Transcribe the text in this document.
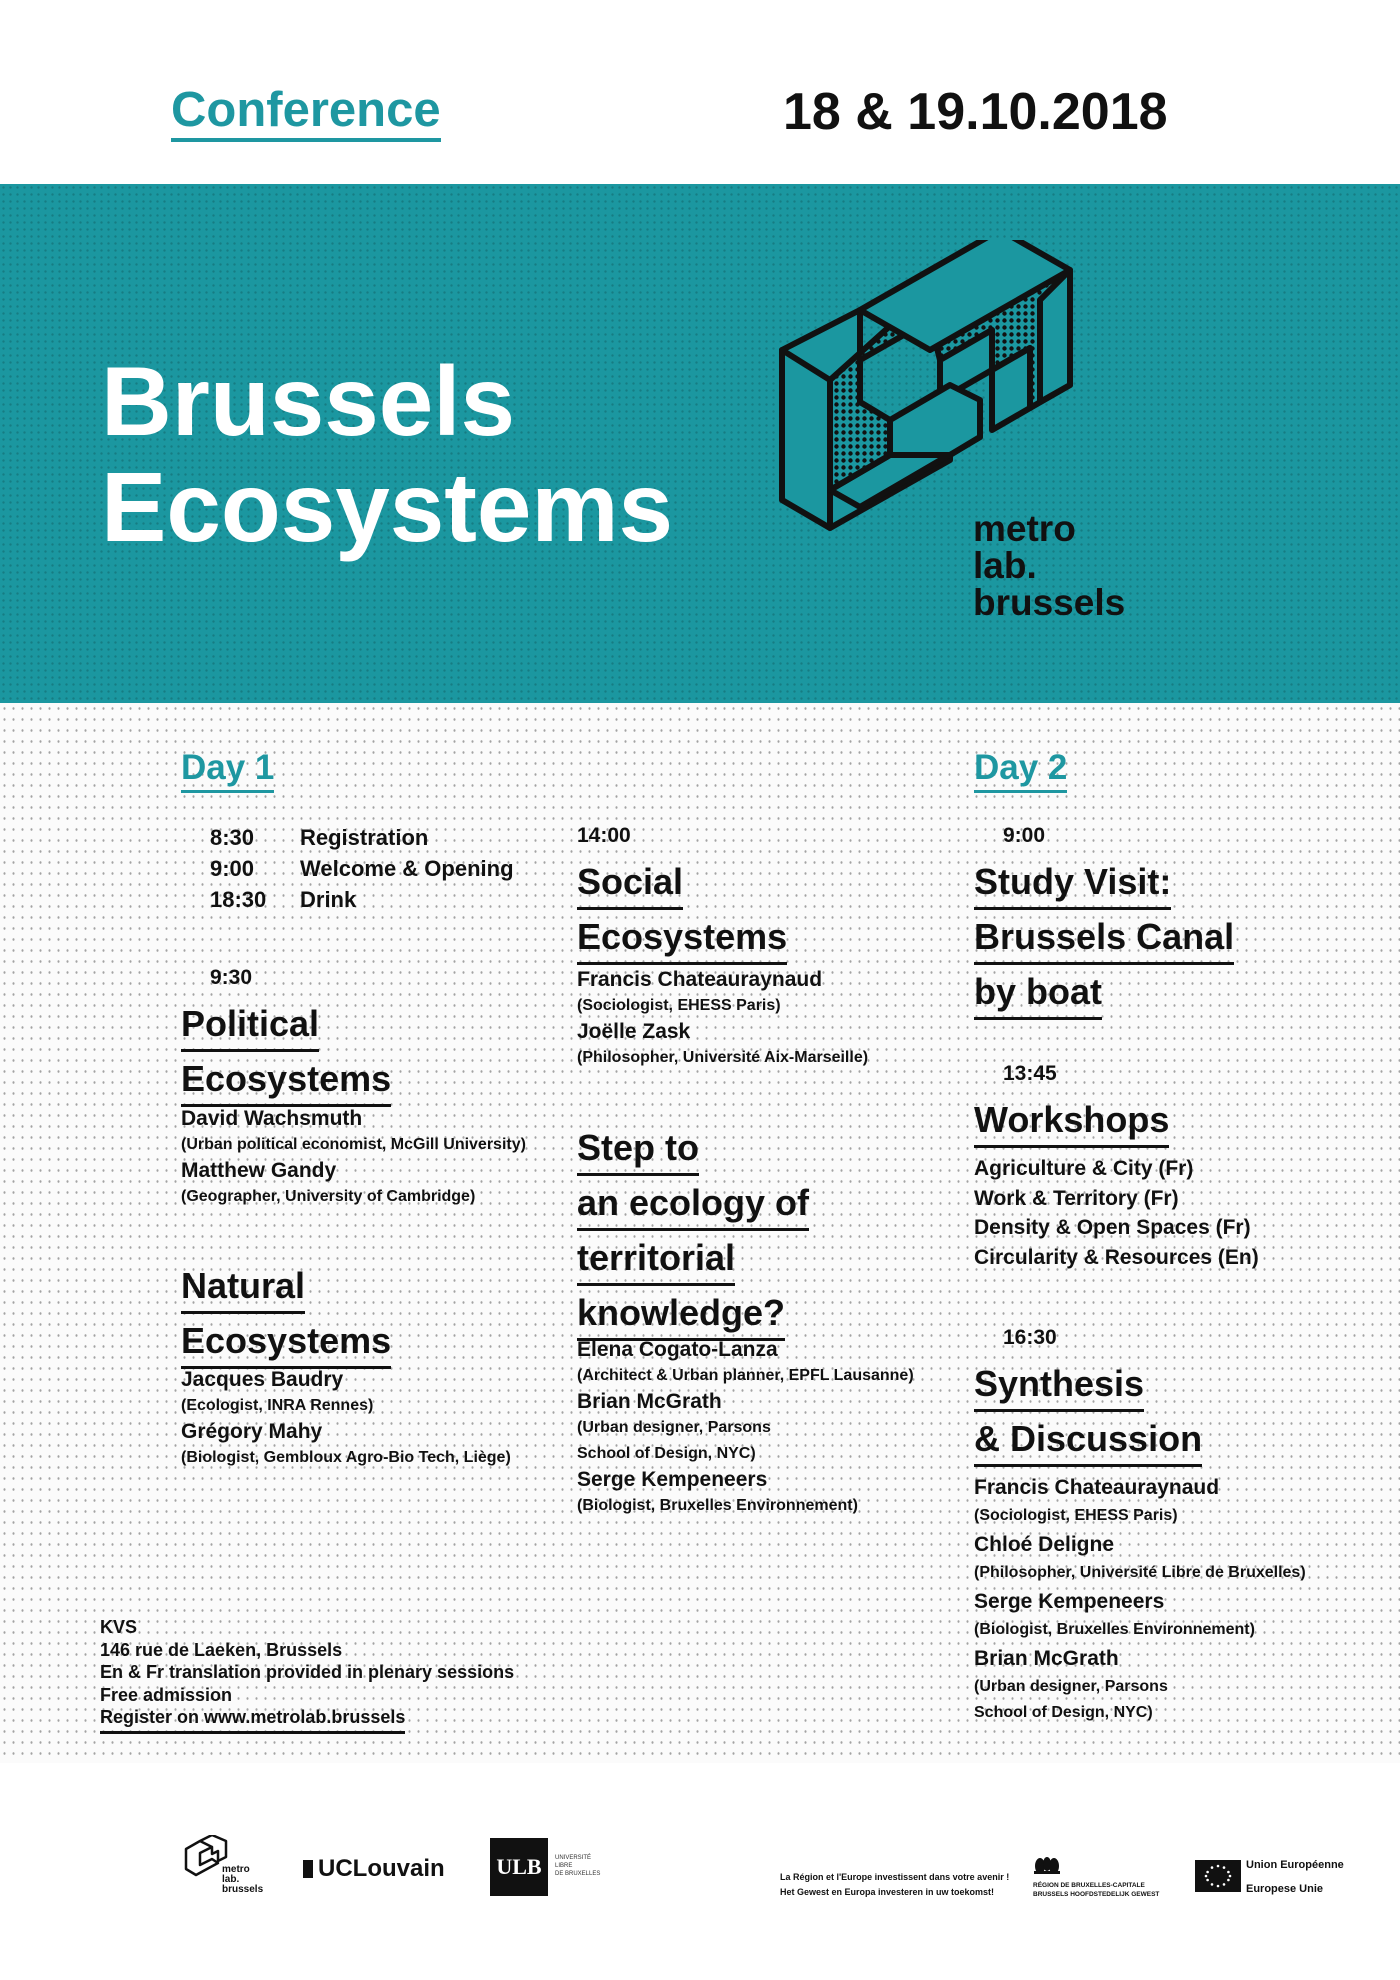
Conference	18 & 19.10.2018
Brussels
Ecosystems	metro
lab.
brussels
Day 1
8:30	Registration
9:00	Welcome & Opening
18:30	Drink
9:30
Political
Ecosystems
David Wachsmuth
(Urban political economist, McGill University)
Matthew Gandy
(Geographer, University of Cambridge)
Natural
Ecosystems
Jacques Baudry
(Ecologist, INRA Rennes)
Grégory Mahy
(Biologist, Gembloux Agro-Bio Tech, Liège)
14:00
Social
Ecosystems
Francis Chateauraynaud
(Sociologist, EHESS Paris)
Joëlle Zask
(Philosopher, Université Aix-Marseille)
Step to
an ecology of
territorial
knowledge?
Elena Cogato-Lanza
(Architect & Urban planner, EPFL Lausanne)
Brian McGrath
(Urban designer, Parsons
School of Design, NYC)
Serge Kempeneers
(Biologist, Bruxelles Environnement)
Day 2
9:00
Study Visit:
Brussels Canal
by boat
13:45
Workshops
Agriculture & City (Fr)
Work & Territory (Fr)
Density & Open Spaces (Fr)
Circularity & Resources (En)
16:30
Synthesis
& Discussion
Francis Chateauraynaud
(Sociologist, EHESS Paris)
Chloé Deligne
(Philosopher, Université Libre de Bruxelles)
Serge Kempeneers
(Biologist, Bruxelles Environnement)
Brian McGrath
(Urban designer, Parsons
School of Design, NYC)
KVS
146 rue de Laeken, Brussels
En & Fr translation provided in plenary sessions
Free admission
Register on www.metrolab.brussels
metro
lab.
brussels
UCLouvain ULB	UNIVERSITÉ
LIBRE
DE BRUXELLES	La Région et l'Europe investissent dans votre avenir !
Het Gewest en Europa investeren in uw toekomst!
RÉGION DE BRUXELLES-CAPITALE
BRUSSELS HOOFDSTEDELIJK GEWEST
Union Européenne
Europese Unie
